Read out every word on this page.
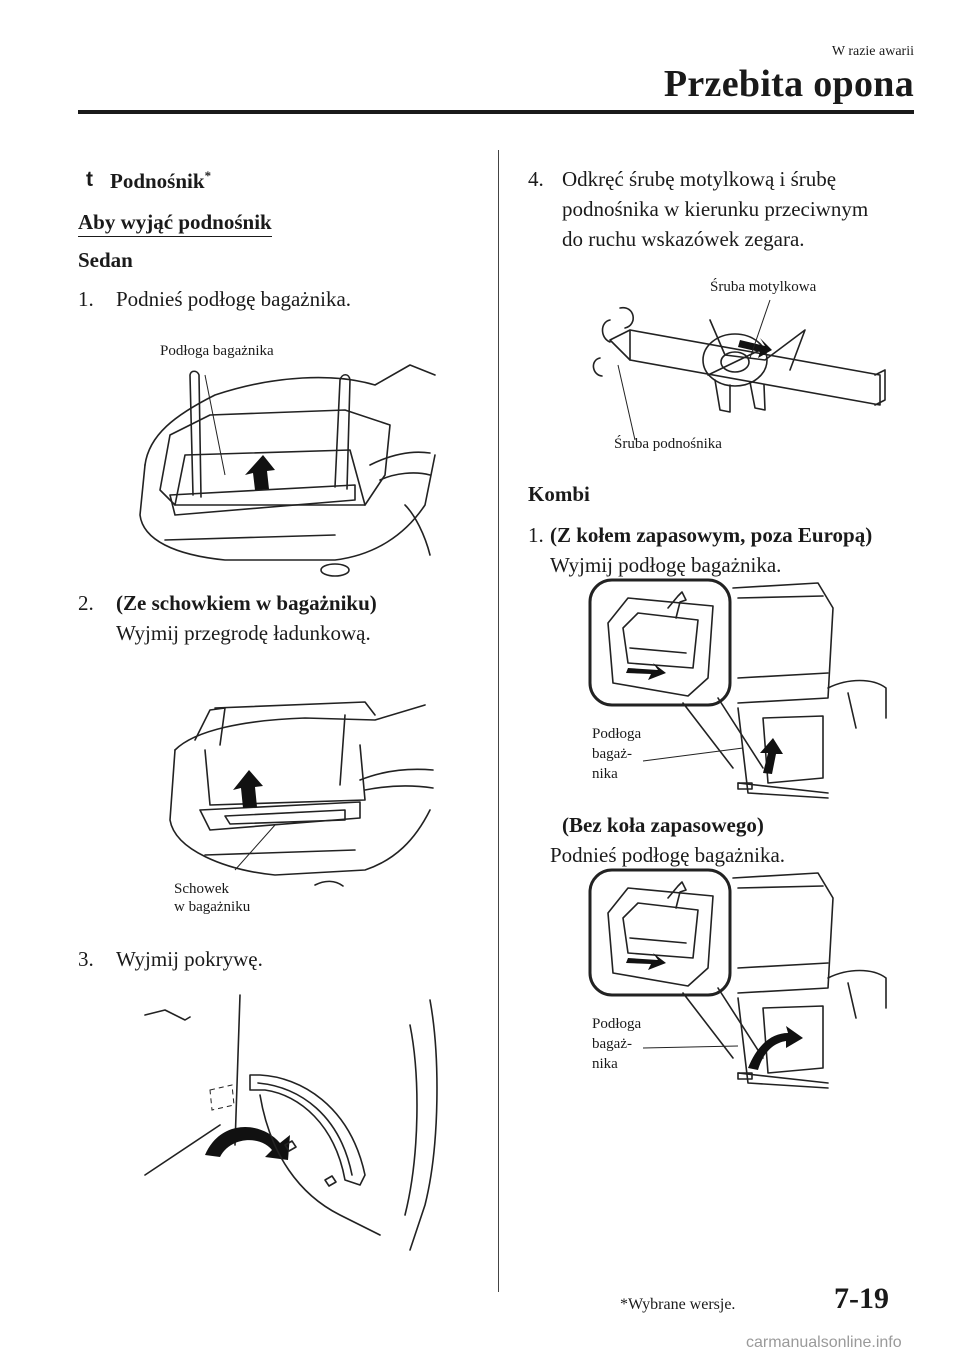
W razie awarii
Przebita opona
t Podnośnik*
Aby wyjąć podnośnik
Sedan
1. Podnieś podłogę bagażnika.
Podłoga bagażnika
2. (Ze schowkiem w bagażniku)
Wyjmij przegrodę ładunkową.
Schowek
w bagażniku
3. Wyjmij pokrywę.
4. Odkręć śrubę motylkową i śrubę
podnośnika w kierunku przeciwnym
do ruchu wskazówek zegara.
Śruba motylkowa
Śruba podnośnika
Kombi
1. (Z kołem zapasowym, poza Europą)
Wyjmij podłogę bagażnika.
Podłoga
bagaż-
nika
(Bez koła zapasowego)
Podnieś podłogę bagażnika.
Podłoga
bagaż-
nika
*Wybrane wersje.	7-19
carmanualsonline.info
